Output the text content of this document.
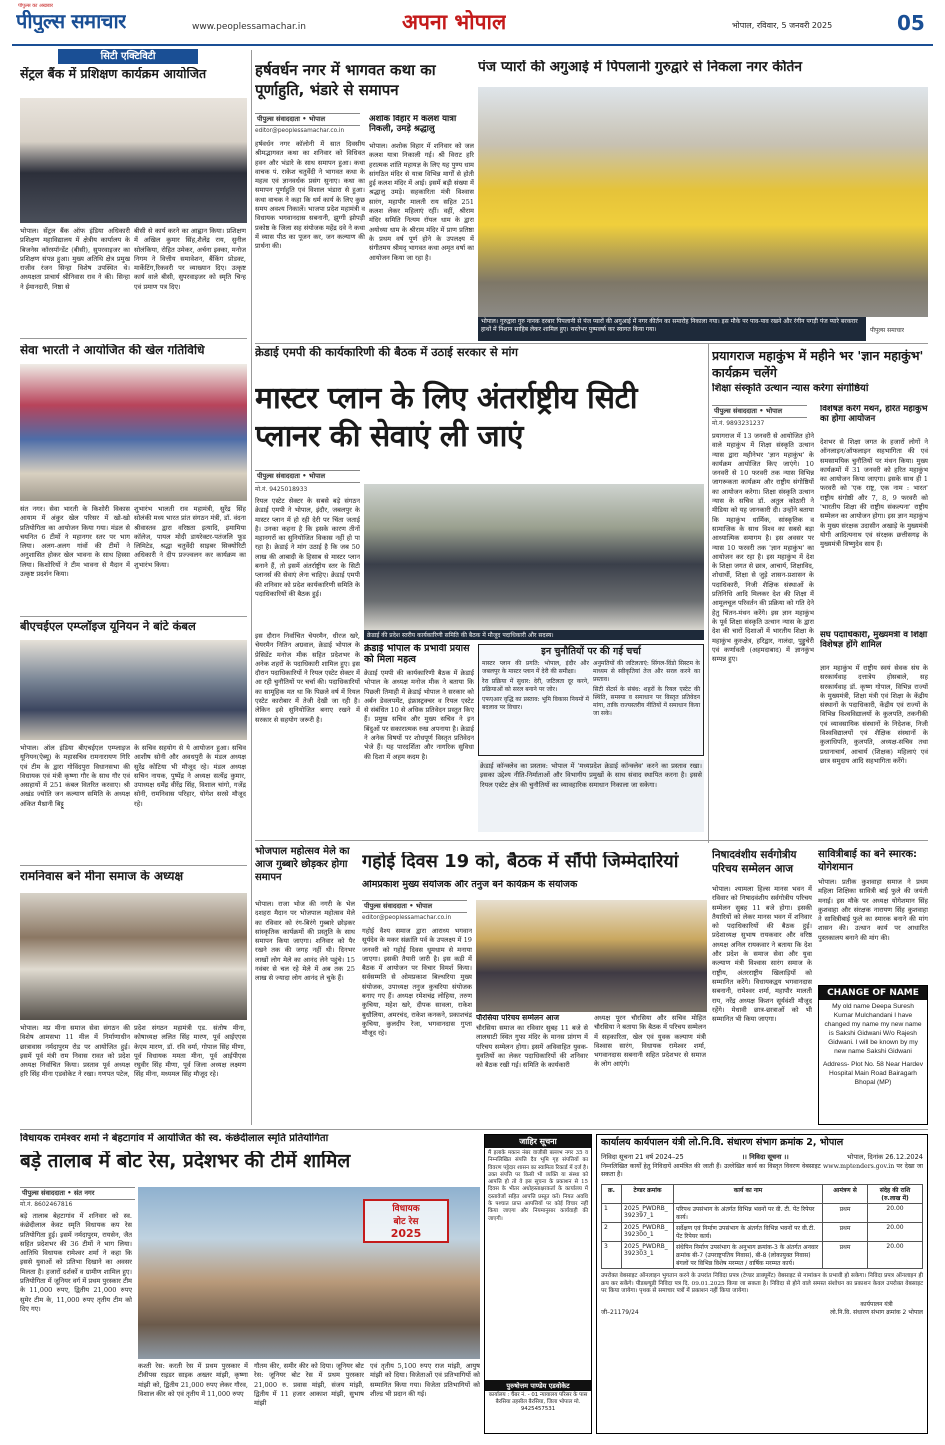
पीपुल्स का अखबार
पीपुल्स समाचार	www.peoplessamachar.in	अपना भोपाल	भोपाल, रविवार, 5 जनवरी 2025	05
सिटी एक्टिविटी
सेंट्रल बैंक में प्रशिक्षण कार्यक्रम आयोजित
भोपाल। सेंट्रल बैंक ऑफ इंडिया अधिकारी प्रशिक्षण महाविद्यालय में क्षेत्रीय कार्यालय के बिजनेस कॉरस्पॉन्डेंट (बीसी), सुपरवाइजर का प्रशिक्षण संपन्न हुआ। मुख्य अतिथि क्षेत्र प्रमुख राजीव रंजन सिन्हा विशेष उपस्थित थे। अध्यक्षता प्राचार्य श्रीनिवास राव ने की। सिन्हा ने ईमानदारी, निष्ठा से
बीसी से कार्य करने का आह्वान किया। प्रशिक्षण में अखिल कुमार सिंह,शैलेंद्र राय, सुनील सोलंकिया, रोहित उमेकर, अर्चना इक्का, मनोज निगम ने वित्तीय समावेशन, बैंकिंग प्रोडक्ट, मार्केटिंग,रिकवरी पर व्याख्यान दिए। उत्कृष्ट कार्य वाले बीसी, सुपरवाइजर को स्मृति चिन्ह एवं प्रमाण पत्र दिए।
सेवा भारती ने आयोजित की खेल गतिविधि
संत नगर। सेवा भारती के किशोरी विकास आयाम में अंकुर खेल परिसर में खो-खो प्रतियोगिता का आयोजन किया गया। मंडल से चयनित 6 टीमों ने महानगर स्तर पर भाग लिया। अलग-अलग गांवों की टीमों ने अनुशासित होकर खेल भावना के साथ हिस्सा लिया। किशोरियों ने टीम भावना से मैदान में उत्कृष्ट प्रदर्शन किया।
शुभारंभ भालती राव महामंत्री, सुरेंद्र सिंह सोलंकी मध्य भारत प्रांत संगठन मंत्री, डॉ. वंदना श्रीवास्तव द्वारा वरिष्ठता इत्यादि, इमामिया कॉलेज, पायल मोदी डायरेक्टर-पतंजलि फूड लिमिटेड, श्रद्धा चतुर्वेदी साइबर सिक्योरिटी अधिकारी ने दीप प्रज्ज्वलन कर कार्यक्रम का शुभारंभ किया।
बीएचईएल एम्प्लॉइज यूनियन ने बांटे कंबल
भोपाल। ऑल इंडिया बीएचईएल एम्प्लाइज यूनियन(ऐब्यू) के महासचिव रामनारायण गिरि एवं टीम के द्वारा गोविंदपुरा विधानसभा की विधायक एवं मंत्री कृष्णा गौर के साथ गौर एवं असहायों में 251 कंबल वितरित करवाए। श्री अखंड ज्योति जन कल्याण समिति के अध्यक्ष अंकित मैथ्रानी बिट्टू
के सचिव सहयोग से ये आयोजन हुआ। सचिव आशीष सोनी और अवधपुरी के मंडल अध्यक्ष सुरेंद्र कोटिया भी मौजूद रहे। मंडल अध्यक्ष सचिन नायक, पुष्पेंद्र ने अध्यक्ष सत्येंद्र कुमार, उपाध्यक्ष धर्मेंद्र वीरेंद्र सिंह, विशाल चांगो, गजेंद्र सोनी, रामनिवास परिहार, योगेश सरसे मौजूद रहे।
रामनिवास बने मीना समाज के अध्यक्ष
भोपाल। मप्र मीना समाज सेवा संगठन की विशेष आमसभा 11 मील में निर्माणाधीन छात्रावास नर्मदापुरम रोड पर आयोजित हुई। इसमें पूर्व मंत्री राम निवास रावत को प्रदेश अध्यक्ष निर्वाचित किया। प्रस्ताव पूर्व अध्यक्ष हरि सिंह मीना एडवोकेट ने रखा। गणपत पटेल,
प्रदेश संगठन महामंत्री एड. संतोष मीना, कोषाध्यक्ष ललित सिंह मारण, पूर्व आईएएस केएम मारण, डॉ. रवि वर्मा, गोपाल सिंह मीणा, पूर्व विधायक ममता मीना, पूर्व आईपीएस रघुवीर सिंह मीणा, पूर्व जिला अध्यक्ष लक्ष्मण सिंह मीना, मध्यमल सिंह मौजूद रहे।
हर्षवर्धन नगर में भागवत कथा का पूर्णाहुति, भंडारे से समापन
पीपुल्स संवाददाता • भोपाल
editor@peoplessamachar.co.in
हर्षवर्धन नगर कॉलोनी में सात दिवसीय श्रीमद्भागवत कथा का शनिवार को विधिवत हवन और भंडारे के साथ समापन हुआ। कथा वाचक पं. राकेश चतुर्वेदी ने भागवत कथा के महत्व एवं ज्ञानवर्धक प्रसंग सुनाए। कथा का समापन पूर्णाहुति एवं विशाल भंडारा से हुआ। कथा वाचक ने कहा कि धर्म कार्य के लिए कुछ समय अवश्य निकालें। भाजपा प्रदेश महामंत्री व विधायक भगवानदास सबनानी, झुग्गी झोपड़ी प्रकोष्ठ के जिला सह संयोजक महेंद्र दवे ने कथा में व्यास पीठ का पूजन कर, जन कल्याण की प्रार्थना की।
अशोक विहार में कलश यात्रा निकली, उमड़े श्रद्धालु
भोपाल। अशोक विहार में शनिवार को जल कलश यात्रा निकाली गई। श्री विराट हरि हरात्मक शांति महायज्ञ के लिए यह पुण्य धाम सांगठित मंदिर से यात्रा विभिन्न मार्गों से होती हुई कलश मंदिर में आई। इसमें बड़ी संख्या में श्रद्धालु उमड़े। सहकारिता मंत्री विश्वास सारंग, महापौर मालती राय सहित 251 कलश लेकर महिलाएं रहीं। वहीं, श्रीराम मंदिर समिति नित्यम रॉयल धाम के द्वारा अयोध्या धाम के श्रीराम मंदिर में प्राण प्रतिष्ठा के प्रथम वर्ष पूर्ण होने के उपलक्ष्य में संगीतमय श्रीमद् भागवत कथा अमृत वर्षा का आयोजन किया जा रहा है।
पंज प्यारों की अगुआई में पिपलानी गुरुद्वारे से निकला नगर कीर्तन
भोपाल। गुरुद्वारा गुरु नानक दरबार पिपलानी से पंज प्यारों की अगुआई में नगर कीर्तन का समारोह निकाला गया। इस मौके पर पाव-पाव रखने और रंगीन पगड़ी पंज प्यारे बरकरार हाथों में निशान साहिब लेकर शामिल हुए। रास्तेभर पुष्पवर्षा कर स्वागत किया गया।	पीपुल्स समाचार
क्रेडाई एमपी की कार्यकारिणी की बैठक में उठाई सरकार से मांग
मास्टर प्लान के लिए अंतर्राष्ट्रीय सिटी प्लानर की सेवाएं ली जाएं
पीपुल्स संवाददाता • भोपाल
मो.नं. 9425018933
रियल एस्टेट सेक्टर के सबसे बड़े संगठन क्रेडाई एमपी ने भोपाल, इंदौर, जबलपुर के मास्टर प्लान में हो रही देरी पर चिंता जताई है। उनका कहना है कि इसके कारण तीनों महानगरों का सुनियोजित विकास नहीं हो पा रहा है। क्रेडाई ने मांग उठाई है कि जब 50 लाख की आबादी के हिसाब से मास्टर प्लान बनाने हैं, तो इसमें अंतर्राष्ट्रीय स्तर के सिटी प्लानर्स की सेवाएं लेना चाहिए। क्रेडाई एमपी की शनिवार को प्रदेश कार्यकारिणी समिति के पदाधिकारियों की बैठक हुई।
इस दौरान निर्वाचित चेयरमैन, धीरज खरे, चेयरमैन नितिन अग्रवाल, क्रेडाई भोपाल के प्रेसिडेंट मनोज मीक सहित प्रदेशभर के अनेक शहरों के पदाधिकारी शामिल हुए। इस दौरान पदाधिकारियों ने रियल एस्टेट सेक्टर में आ रही चुनौतियों पर चर्चा की। पदाधिकारियों का सामूहिक मत था कि पिछले वर्ष में रियल एस्टेट कारोबार में तेजी देखी जा रही है। लेकिन इसे सुनियोजित बनाए रखने में सरकार से सहयोग जरूरी है।
क्रेडाई की प्रदेश स्तरीय कार्यकारिणी समिति की बैठक में मौजूद पदाधिकारी और सदस्य।
क्रेडाई भोपाल के प्रभावी प्रयास को मिला महत्व
क्रेडाई एमपी की कार्यकारिणी बैठक में क्रेडाई भोपाल के अध्यक्ष मनोज मीक ने बताया कि पिछली तिमाही में क्रेडाई भोपाल ने सरकार को अर्बन डेवलपमेंट, इंफ्रास्ट्रक्चर व रियल एस्टेट से संबंधित 10 से अधिक प्रतिवेदन प्रस्तुत किए हैं। प्रमुख सचिव और मुख्य सचिव ने इन बिंदुओं पर सकारात्मक रुख अपनाया है। क्रेडाई ने अनेक विषयों पर शोधपूर्ण विस्तृत प्रतिवेदन भेजे हैं। यह पारदर्शिता और नागरिक सुविधा की दिशा में अहम कदम है।
इन चुनौतियों पर की गई चर्चा
मास्टर प्लान की प्रगति: भोपाल, इंदौर और जबलपुर के मास्टर प्लान में देरी की समीक्षा।
रेरा प्रक्रिया में सुधार: देरी, जटिलता दूर करने, प्रक्रियाओं को सरल बनाने पर जोर।
एफएआर वृद्धि का प्रस्ताव: भूमि विकास नियमों में बदलाव पर विचार।
अनुमतियों की जटिलताएं: सिंगल-विंडो सिस्टम के माध्यम से स्वीकृतियां तेज और सरल करने का प्रस्ताव।
सिटी सेंटर्स के संबंध: शहरों के रियल एस्टेट की स्थिति, समस्या व समाधान पर विस्तृत प्रतिवेदन मांगा, ताकि राज्यस्तरीय नीतियों में समाधान किया जा सके।
क्रेडाई कॉन्क्लेव का प्रस्ताव: भोपाल में 'मध्यप्रदेश क्रेडाई कॉन्क्लेव' करने का प्रस्ताव रखा। इसका उद्देश्य नीति-निर्माताओं और विभागीय प्रमुखों के साथ संवाद स्थापित करना है। इससे रियल एस्टेट क्षेत्र की चुनौतियों का व्यावहारिक समाधान निकाला जा सकेगा।
प्रयागराज महाकुंभ में महीने भर 'ज्ञान महाकुंभ' कार्यक्रम चलेंगे
शिक्षा संस्कृति उत्थान न्यास करेगा संगोष्ठियां
पीपुल्स संवाददाता • भोपाल
मो.नं. 9893231237
प्रयागराज में 13 जनवरी से आयोजित होने वाले महाकुंभ में शिक्षा संस्कृति उत्थान न्यास द्वारा महीनेभर 'ज्ञान महाकुंभ' के कार्यक्रम आयोजित किए जाएंगे। 10 जनवरी से 10 फरवरी तक न्यास विभिन्न जागरूकता कार्यक्रम और राष्ट्रीय संगोष्ठियों का आयोजन करेगा। शिक्षा संस्कृति उत्थान न्यास के सचिव डॉ. अतुल कोठारी ने मीडिया को यह जानकारी दी। उन्होंने बताया कि महाकुंभ धार्मिक, सांस्कृतिक व सामाजिक के साथ विश्व का सबसे बड़ा आध्यात्मिक समागम है। इस अवसर पर न्यास 10 फरवरी तक 'ज्ञान महाकुंभ' का आयोजन कर रहा है। इस महाकुंभ में देश के शिक्षा जगत से छात्र, आचार्य, शिक्षाविद, शोधार्थी, शिक्षा से जुड़े शासन-प्रशासन के पदाधिकारी, निजी शैक्षिक संस्थाओं के प्रतिनिधि आदि मिलकर देश की शिक्षा में आमूलचूल परिवर्तन की प्रक्रिया को गति देने हेतु चिंतन-मंथन करेंगे। इस ज्ञान महाकुंभ के पूर्व शिक्षा संस्कृति उत्थान न्यास के द्वारा देश की चारों दिशाओं में भारतीय शिक्षा के महाकुंभ कुरुक्षेत्र, हरिद्वार, नालंदा, पुड्डुचेरी एवं कर्णावती (अहमदाबाद) में ज्ञानकुंभ सम्पन्न हुए।
विशेषज्ञ करेंगे मंथन, हरित महाकुंभ का होगा आयोजन
देशभर से शिक्षा जगत के हजारों लोगों ने ऑनलाइन/ऑफलाइन सहभागिता की एवं समसामयिक चुनौतियों पर मंथन किया। मुख्य कार्यक्रमों में 31 जनवरी को हरित महाकुंभ का आयोजन किया जाएगा। इसके साथ ही 1 फरवरी को 'एक राष्ट्र, एक नाम : भारत' राष्ट्रीय संगोष्ठी और 7, 8, 9 फरवरी को 'भारतीय शिक्षा की राष्ट्रीय संकल्पना' राष्ट्रीय सम्मेलन का आयोजन होगा। इस ज्ञान महाकुंभ के मुख्य संरक्षक उदासीन अखाड़े के मुख्यमंत्री योगी आदित्यनाथ एवं संरक्षक छत्तीसगढ़ के मुख्यमंत्री विष्णुदेव साय हैं।
संघ पदाधिकारी, मुख्यमंत्री व शिक्षा विशेषज्ञ होंगे शामिल
ज्ञान महाकुंभ में राष्ट्रीय स्वयं सेवक संघ के सरकार्यवाह दत्तात्रेय होसबाले, सह सरकार्यवाह डॉ. कृष्ण गोपाल, विभिन्न राज्यों के मुख्यमंत्री, शिक्षा मंत्री एवं शिक्षा के केंद्रीय संस्थानों के पदाधिकारी, केंद्रीय एवं राज्यों के विभिन्न विश्वविद्यालयों के कुलपति, तकनीकी एवं व्यावसायिक संस्थानों के निदेशक, निजी विश्वविद्यालयों एवं शैक्षिक संस्थानों के कुलाधिपति, कुलपति, अध्यक्ष-सचिव तथा प्रधानाचार्य, आचार्य (शिक्षक) महिलाएं एवं छात्र समुदाय आदि सहभागिता करेंगे।
भोजपाल महोत्सव मेले का आज गुब्बारे छोड़कर होगा समापन
भोपाल। राजा भोज की नगरी के भेल दशहरा मैदान पर भोजपाल महोत्सव मेले का रविवार को रंग-बिरंगे गुब्बारे छोड़कर सांस्कृतिक कार्यक्रमों की प्रस्तुति के साथ समापन किया जाएगा। शनिवार को पैर रखने तक की जगह नहीं थी। दिनभर लाखों लोग मेले का आनंद लेने पहुंचे। 15 नवंबर से चल रहे मेले में अब तक 25 लाख से ज्यादा लोग आनंद ले चुके हैं।
गहोई दिवस 19 को, बैठक में सौंपी जिम्मेदारियां
ओमप्रकाश मुख्य संयोजक और तनुज बने कार्यक्रम के संयोजक
पीपुल्स संवाददाता • भोपाल
editor@peoplessamachar.co.in
गहोई वैश्य समाज द्वारा आराध्य भगवान सूर्यदेव के मकर संक्रांति पर्व के उपलक्ष्य में 19 जनवरी को गहोई दिवस धूमधाम से मनाया जाएगा। इसकी तैयारी जारी है। इस कड़ी में बैठक में आयोजन पर विचार विमर्श किया। सर्वसम्मति से ओमप्रकाश बिल्थरिया मुख्य संयोजक, उपाध्यक्ष तनुज कुचरिया संयोजक बनाए गए हैं। अध्यक्ष रमेशचंद्र लोहिया, तरुण कुचिया, महेश खरे, दीपक सावला, राकेश बुधौलिया, अमरचंद, राकेश कनकने, प्रकाशचंद्र कुचिया, कुलदीप रेजा, भगवानदास गुप्ता मौजूद रहे।
पौरसिया परिचय सम्मेलन आज
चौरसिया समाज का रविवार सुबह 11 बजे से लालघाटी स्थित गुफा मंदिर के मानस प्रांगण में परिचय सम्मेलन होगा। इसमें अविवाहित युवक-युवतियों का लेकर पदाधिकारियों की शनिवार को बैठक रखी गई। समिति के कार्यकारी
अध्यक्ष पूरन चौरसिया और सचिव मोहित चौरसिया ने बताया कि बैठक में परिचय सम्मेलन में सहकारिता, खेल एवं युवक कल्याण मंत्री विश्वास सारंग, विधायक रामेश्वर शर्मा, भगवानदास सबनानी सहित प्रदेशभर से समाज के लोग आएंगे।
निषादवंशीय सर्वगोत्रीय परिचय सम्मेलन आज
भोपाल। श्यामला हिल्स मानस भवन में रविवार को निषादवंशीय सर्वगोत्रीय परिचय सम्मेलन सुबह 11 बजे होगा। इसकी तैयारियों को लेकर मानस भवन में शनिवार को पदाधिकारियों की बैठक हुई। प्रदेशाध्यक्ष सुभाष रायकवार और वरिष्ठ अध्यक्ष अनिल रायकवार ने बताया कि देश और प्रदेश के समाज सेवा और युवा कल्याण मंत्री विश्वास सारंग समाज के राष्ट्रीय, अंतरराष्ट्रीय खिलाड़ियों को सम्मानित करेंगे। विधायकद्वय भगवानदास सबनानी, रामेश्वर शर्मा, महापौर मालती राय, नरेंद्र अध्यक्ष किशन सूर्यवंशी मौजूद रहेंगे। मेधावी छात्र-छात्राओं को भी सम्मानित भी किया जाएगा।
सावित्रीबाई का बने स्मारक: योगेशमान
भोपाल। प्रतीक कुशवाहा समाज ने प्रथम महिला शिक्षिका सावित्री बाई फुले की जयंती मनाई। इस मौके पर अध्यक्ष योगेशमान सिंह कुशवाहा और संरक्षक नारायण सिंह कुशवाहा ने सावित्रीबाई फुले का स्मारक बनाने की मांग शासन की। उत्थान कार्य पर आधारित पुस्तकालय बनाने की मांग की।
CHANGE OF NAME
My old name Deepa Suresh Kumar Mulchandani I have changed my name my new name is Sakshi Gidwani W/o Rajesh Gidwani. I will be known by my new name Sakshi Gidwani
Address- Plot No. 58 Near Hardev Hospital Main Road Bairagarh Bhopal (MP)
विधायक रामेश्वर शर्मा ने बेहटागांव में आयोजित की स्व. कंछेदीलाल स्मृति प्रतियोगिता
बड़े तालाब में बोट रेस, प्रदेशभर की टीमें शामिल
पीपुल्स संवाददाता • संत नगर
मो.नं. 8602467816
बड़े तालाब बेहटागांव में शनिवार को स्व. कंछेदीलाल केवट स्मृति विधायक कप रेस प्रतियोगिता हुई। इसमें नर्मदापुरम, रायसेन, जैत सहित प्रदेशभर की 36 टीमों ने भाग लिया। आतिथि विधायक रामेश्वर शर्मा ने कहा कि इससे युवाओं को प्रतिभा दिखाने का अवसर मिलता है। हजारों दर्शकों व ग्रामीण शामिल हुए। प्रतियोगिता में जूनियर वर्ग में प्रथम पुरस्कार टीम के 11,000 रुपए, द्वितीय 21,000 रुपए सुमेर टीम के, 11,000 रुपए तृतीय टीम को दिए गए।
विधायक
बोट रेस
2025
कश्ती रेस: करती रेस में प्रथम पुरस्कार में टीवीपस राइडर साइक अख्तर मांझी, कृष्णा मांझी को, द्वितीय 21,000 रुपए लेकर गौरव, विशाल कीर को एवं तृतीय में 11,000 रुपए
गौतम कीर, समीर कीर को दिया। जूनियर बोट रेस: जूनियर बोट रेस में प्रथम पुरस्कार 21,000 रु. प्रवास मांझी, संजय मांझी, द्वितीय में 11 हजार आकाश मांझी, सुभाष मांझी
एवं तृतीय 5,100 रुपए राज मांझी, आयुष मांझी को दिया। विजेताओं एवं प्रतिभागियों को सम्मानित किया गया। विजेता प्रतिभागियों को शील्ड भी प्रदान की गई।
जाहिर सूचना
मैं इलाके मकान नंबर वाजीबी बल्लभ नगर 35 व निम्नलिखित संपत्ति दैव भूमि गृह संपत्तियों का विवरण पट्टेदार शासन का स्वामित्व रिकार्ड में दर्ज है। उक्त संपत्ति पर किसी भी व्यक्ति या संस्था को आपत्ति हो तो वे इस सूचना के प्रकाशन से 15 दिवस के भीतर अधोहस्ताक्षरकर्ता के कार्यालय में दस्तावेजों सहित आपत्ति प्रस्तुत करें। नियत अवधि के पश्चात प्राप्त आपत्तियों पर कोई विचार नहीं किया जाएगा और नियमानुसार कार्यवाही की जाएगी।
पुरुषोत्तम पाण्डेय एडवोकेट
कार्यालय : चैंबर नं. - 01 न्यायालय परिसर के पास बैरसिया तहसील बैरसिया, जिला भोपाल मो. 9425457531
कार्यालय कार्यपालन यंत्री लो.नि.वि. संधारण संभाग क्रमांक 2, भोपाल
निविदा सूचना 21 वर्ष 2024–25	।। निविदा सूचना ।।	भोपाल, दिनांक 26.12.2024
निम्नलिखित कार्यों हेतु निविदायें आमंत्रित की जाती हैं। उल्लेखित कार्य का विस्तृत विवरण वेबसाइट www.mptenders.gov.in पर देखा जा सकता है।
क्र.	टेण्डर क्रमांक	कार्य का नाम	आमंत्रण से	संदेह की राशि (रु.लाख में)
1	2025_PWDRB_392397_1	परिपथ उपसंभाग के अंतर्गत विभिन्न भवनों पर वी. टी. पेंट रिपेयर कार्य।	प्रथम	20.00
2	2025_PWDRB_392300_1	सर्वेक्षण एवं निर्माण उपसंभाग के अंतर्गत विभिन्न भवनों पर वी.टी. पेंट रिपेयर कार्य।	प्रथम	20.00
3	2025_PWDRB_392303_1	संधेपिन निर्माण उपसंभाग के अनुभाग क्रमांक-3 के अंतर्गत अनवार क्रमांक बी-7 (उपराष्ट्रपतिय निवास), बी-8 (लोकायुक्त निवास) बंगलों पर विभिन्न विशेष मरम्मत / वार्षिक मरम्मत कार्य।	प्रथम	20.00
उपरोक्त वेबसाइट ऑनलाइन भुगतान करने के उपरांत निविदा प्रपत्र (टेण्डर डाक्यूमेंट) वेबसाइट से नामांकन के प्रभावी हो सकेगा। निविदा प्रपत्र ऑनलाइन ही क्रय कर सकेंगे। पीडब्ल्यूडी निविदा पत्र दि. 09.01.2025 किया जा सकता है। निविदा से होने वाले समस्त संशोधन का प्रकाशन केवल उपरोक्त वेबसाइट पर किया जायेगा। पृथक से समाचार पत्रों में प्रकाशन नहीं किया जायेगा।
जी–21179/24
कार्यपालन यंत्री
लो.नि.वि. संधारण संभाग क्रमांक 2 भोपाल
